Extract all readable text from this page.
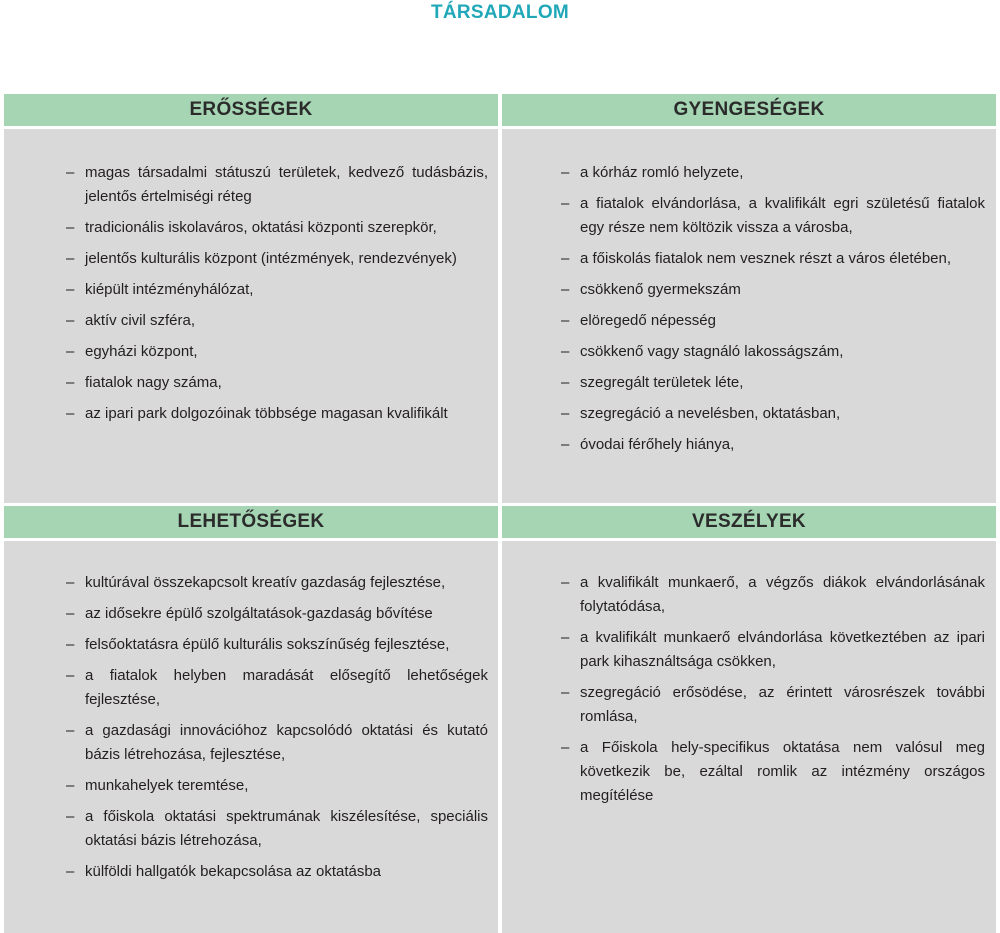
TÁRSADALOM
ERŐSSÉGEK	GYENGESÉGEK
– magas társadalmi státuszú területek, kedvező tudásbázis, jelentős értelmiségi réteg
– tradicionális iskolaváros, oktatási központi szerepkör,
– jelentős kulturális központ (intézmények, rendezvények)
– kiépült intézményhálózat,
– aktív civil szféra,
– egyházi központ,
– fiatalok nagy száma,
– az ipari park dolgozóinak többsége magasan kvalifikált
– a kórház romló helyzete,
– a fiatalok elvándorlása, a kvalifikált egri születésű fiatalok egy része nem költözik vissza a városba,
– a főiskolás fiatalok nem vesznek részt a város életében,
– csökkenő gyermekszám
– elöregedő népesség
– csökkenő vagy stagnáló lakosságszám,
– szegregált területek léte,
– szegregáció a nevelésben, oktatásban,
– óvodai férőhely hiánya,
LEHETŐSÉGEK	VESZÉLYEK
– kultúrával összekapcsolt kreatív gazdaság fejlesztése,
– az idősekre épülő szolgáltatások-gazdaság bővítése
– felsőoktatásra épülő kulturális sokszínűség fejlesztése,
– a fiatalok helyben maradását elősegítő lehetőségek fejlesztése,
– a gazdasági innovációhoz kapcsolódó oktatási és kutató bázis létrehozása, fejlesztése,
– munkahelyek teremtése,
– a főiskola oktatási spektrumának kiszélesítése, speciális oktatási bázis létrehozása,
– külföldi hallgatók bekapcsolása az oktatásba
– a kvalifikált munkaerő, a végzős diákok elvándorlásának folytatódása,
– a kvalifikált munkaerő elvándorlása következtében az ipari park kihasználtsága csökken,
– szegregáció erősödése, az érintett városrészek további romlása,
– a Főiskola hely-specifikus oktatása nem valósul meg következik be, ezáltal romlik az intézmény országos megítélése
